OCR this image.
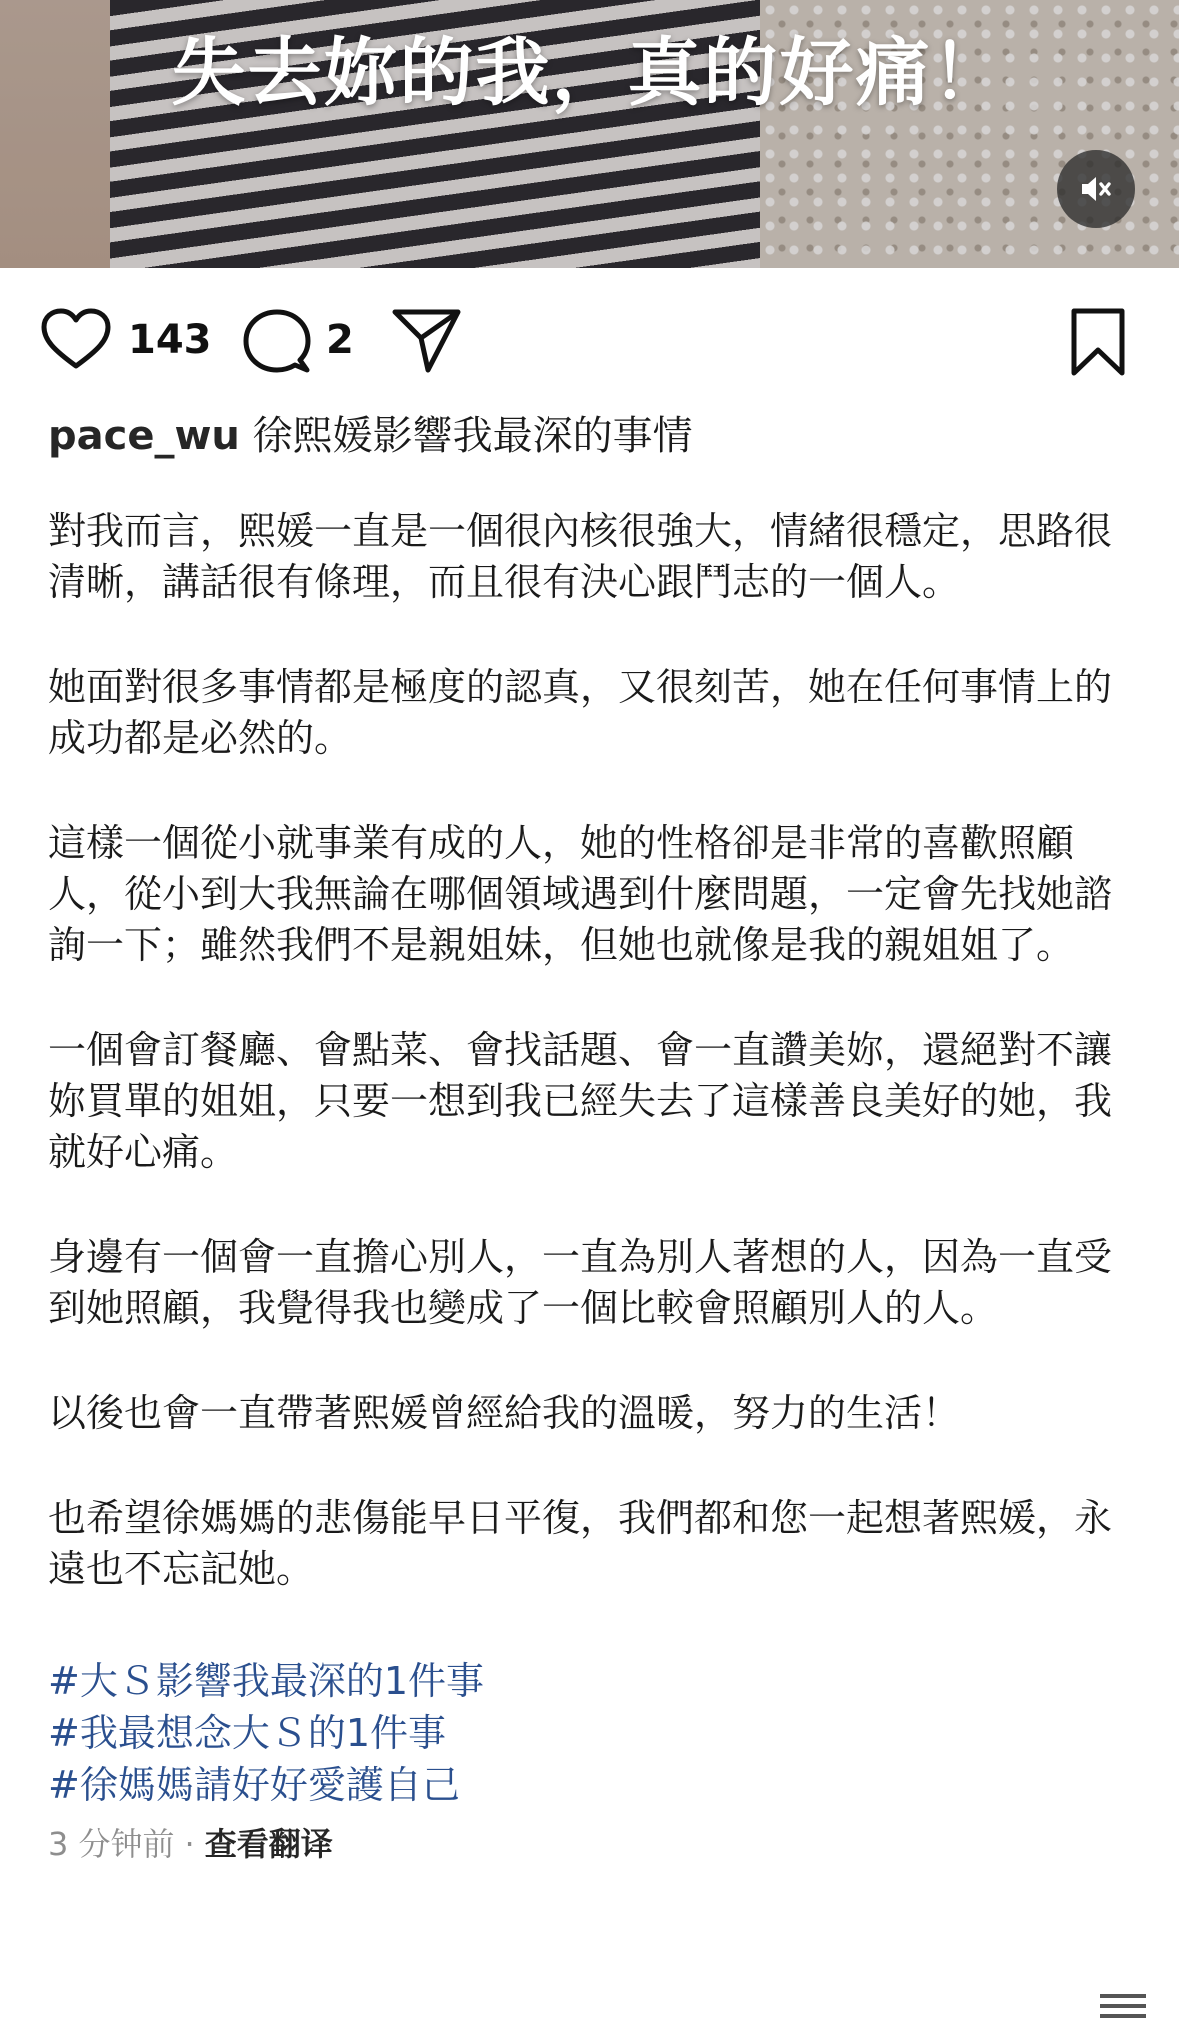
失去妳的我，真的好痛！
143	2
pace_wu 徐熙媛影響我最深的事情
對我而言，熙媛一直是一個很內核很強大，情緒很穩定，思路很清晰，講話很有條理，而且很有決心跟鬥志的一個人。
她面對很多事情都是極度的認真，又很刻苦，她在任何事情上的成功都是必然的。
這樣一個從小就事業有成的人，她的性格卻是非常的喜歡照顧人，從小到大我無論在哪個領域遇到什麼問題，一定會先找她諮詢一下；雖然我們不是親姐妹，但她也就像是我的親姐姐了。
一個會訂餐廳、會點菜、會找話題、會一直讚美妳，還絕對不讓妳買單的姐姐，只要一想到我已經失去了這樣善良美好的她，我就好心痛。
身邊有一個會一直擔心別人，一直為別人著想的人，因為一直受到她照顧，我覺得我也變成了一個比較會照顧別人的人。
以後也會一直帶著熙媛曾經給我的溫暖，努力的生活！
也希望徐媽媽的悲傷能早日平復，我們都和您一起想著熙媛，永遠也不忘記她。
#大Ｓ影響我最深的1件事
#我最想念大Ｓ的1件事
#徐媽媽請好好愛護自己
3 分钟前 · 查看翻译
